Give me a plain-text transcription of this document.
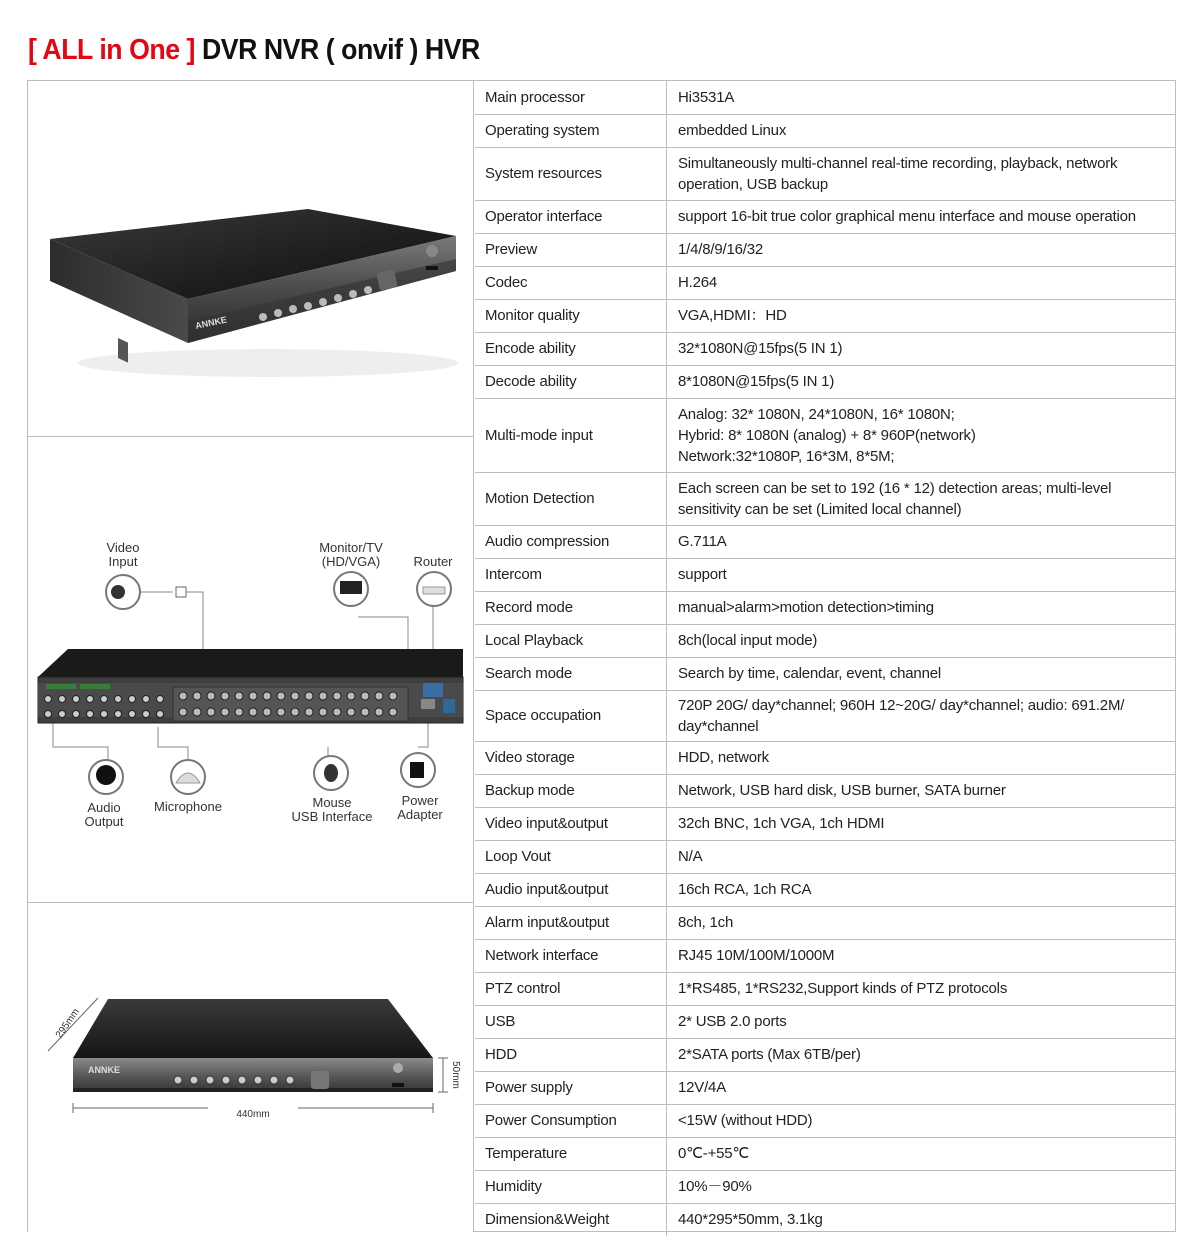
[ ALL in One ] DVR NVR ( onvif ) HVR
ANNKE
Video
Input
Monitor/TV
(HD/VGA)	Router
Audio
Output
Microphone	Mouse
USB Interface
Power
Adapter
ANNKE
440mm
50mm
295mm
Main processor	Hi3531A
Operating system	embedded Linux
System resources	Simultaneously multi-channel real-time recording, playback, network operation, USB backup
Operator interface	support 16-bit true color graphical menu interface and mouse operation
Preview	1/4/8/9/16/32
Codec	H.264
Monitor quality	VGA,HDMI：HD
Encode ability	32*1080N@15fps(5 IN 1)
Decode ability	8*1080N@15fps(5 IN 1)
Multi-mode input	Analog: 32* 1080N, 24*1080N, 16* 1080N;
Hybrid: 8* 1080N (analog) + 8* 960P(network)
Network:32*1080P, 16*3M, 8*5M;
Motion Detection	Each screen can be set to 192 (16 * 12) detection areas; multi-level sensitivity can be set (Limited local channel)
Audio compression	G.711A
Intercom	support
Record mode	manual>alarm>motion detection>timing
Local Playback	8ch(local input mode)
Search mode	Search by time, calendar, event, channel
Space occupation	720P 20G/ day*channel; 960H 12~20G/ day*channel; audio: 691.2M/ day*channel
Video storage	HDD, network
Backup mode	Network, USB hard disk, USB burner, SATA burner
Video input&output	32ch BNC, 1ch VGA, 1ch HDMI
Loop Vout	N/A
Audio input&output	16ch RCA, 1ch RCA
Alarm input&output	8ch, 1ch
Network interface	RJ45 10M/100M/1000M
PTZ control	1*RS485, 1*RS232,Support kinds of PTZ protocols
USB	2* USB 2.0 ports
HDD	2*SATA ports (Max 6TB/per)
Power supply	12V/4A
Power Consumption	<15W (without HDD)
Temperature	0℃-+55℃
Humidity	10%－90%
Dimension&Weight	440*295*50mm, 3.1kg
